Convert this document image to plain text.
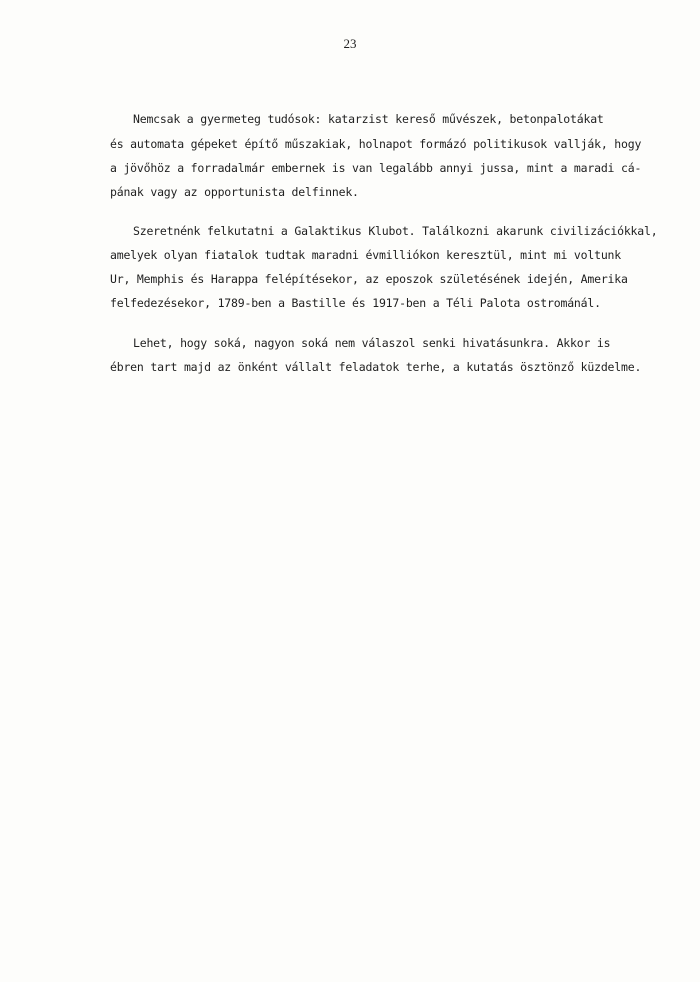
23
Nemcsak a gyermeteg tudósok: katarzist kereső művészek, betonpalotákat
és automata gépeket építő műszakiak, holnapot formázó politikusok vallják, hogy
a jövőhöz a forradalmár embernek is van legalább annyi jussa, mint a maradi cá-
pának vagy az opportunista delfinnek.
Szeretnénk felkutatni a Galaktikus Klubot. Találkozni akarunk civilizációkkal,
amelyek olyan fiatalok tudtak maradni évmilliókon keresztül, mint mi voltunk
Ur, Memphis és Harappa felépítésekor, az eposzok születésének idején, Amerika
felfedezésekor, 1789-ben a Bastille és 1917-ben a Téli Palota ostrománál.
Lehet, hogy soká, nagyon soká nem válaszol senki hivatásunkra. Akkor is
ébren tart majd az önként vállalt feladatok terhe, a kutatás ösztönző küzdelme.
